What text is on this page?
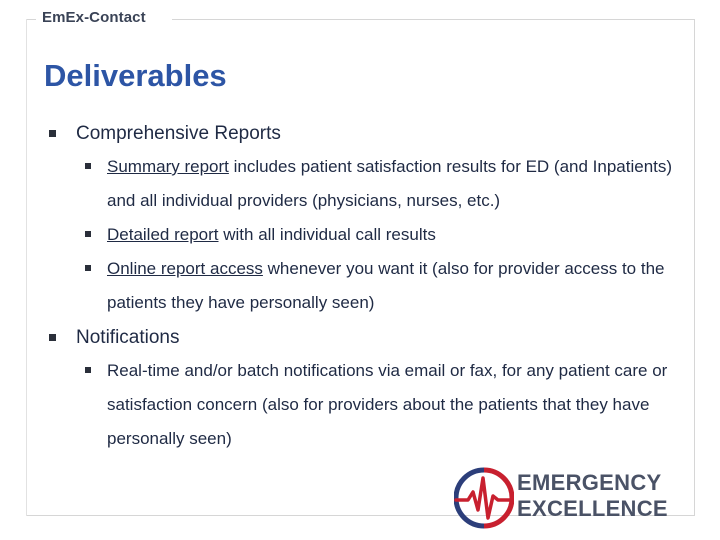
EmEx-Contact
Deliverables
Comprehensive Reports
Summary report includes patient satisfaction results for ED (and Inpatients) and all individual providers (physicians, nurses, etc.)
Detailed report with all individual call results
Online report access whenever you want it (also for provider access to the patients they have personally seen)
Notifications
Real-time and/or batch notifications via email or fax, for any patient care or satisfaction concern (also for providers about the patients that they have personally seen)
EMERGENCY
EXCELLENCE
